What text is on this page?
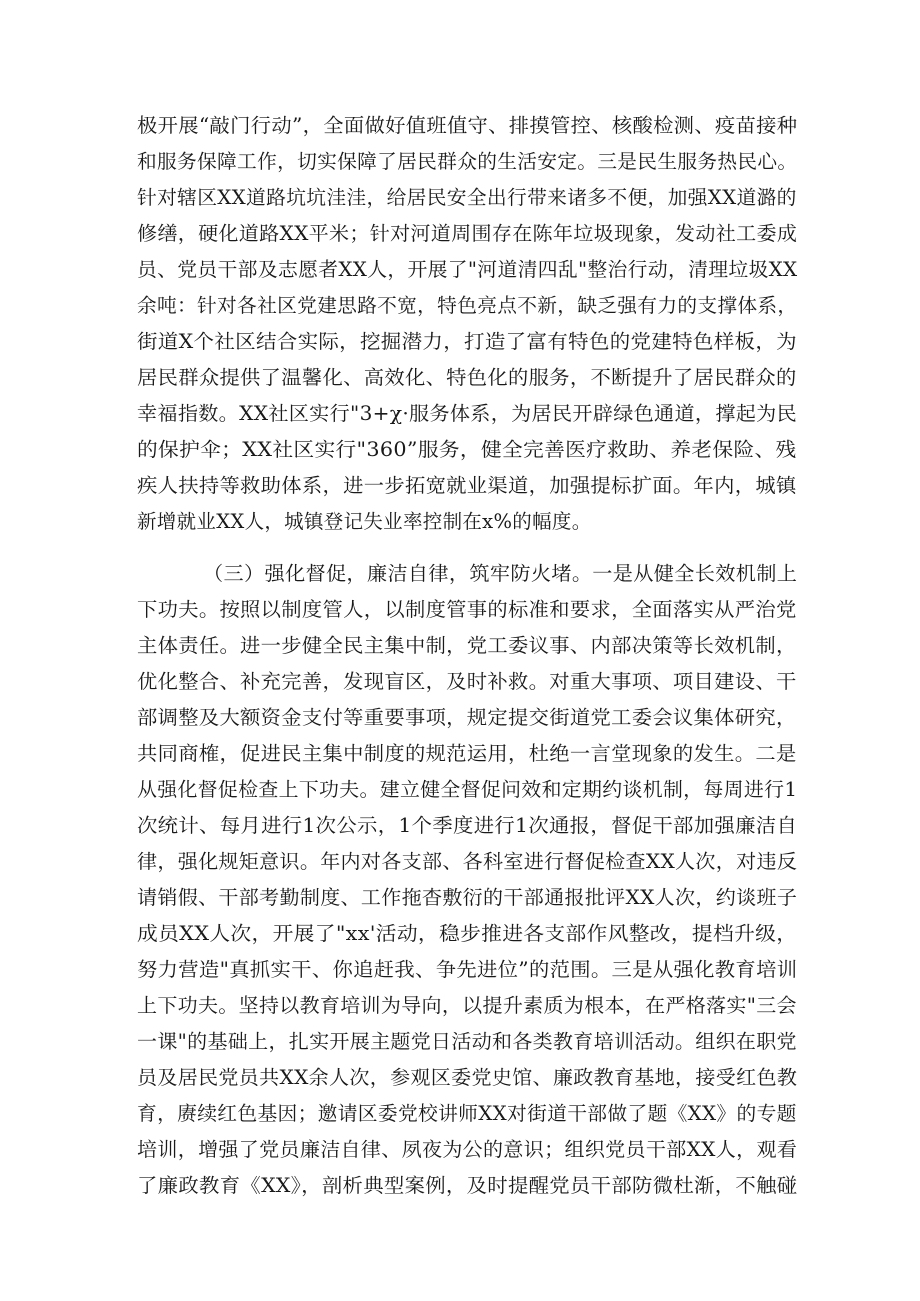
极开展“敲门行动”，全面做好值班值守、排摸管控、核酸检测、疫苗接种
和服务保障工作，切实保障了居民群众的生活安定。三是民生服务热民心。
针对辖区XX道路坑坑洼洼，给居民安全出行带来诸多不便，加强XX道潞的
修缮，硬化道路XX平米；针对河道周围存在陈年垃圾现象，发动社工委成
员、党员干部及志愿者XX人，开展了"河道清四乱"整治行动，清理垃圾XX
余吨：针对各社区党建思路不宽，特色亮点不新，缺乏强有力的支撑体系，
街道X个社区结合实际，挖掘潜力，打造了富有特色的党建特色样板，为
居民群众提供了温馨化、高效化、特色化的服务，不断提升了居民群众的
幸福指数。XX社区实行"3+χ·服务体系，为居民开辟绿色通道，撑起为民
的保护伞；XX社区实行"360”服务，健全完善医疗救助、养老保险、残
疾人扶持等救助体系，进一步拓宽就业渠道，加强提标扩面。年内，城镇
新增就业XX人，城镇登记失业率控制在x%的幅度。
（三）强化督促，廉洁自律，筑牢防火堵。一是从健全长效机制上
下功夫。按照以制度管人，以制度管事的标准和要求，全面落实从严治党
主体责任。进一步健全民主集中制，党工委议事、内部决策等长效机制，
优化整合、补充完善，发现盲区，及时补救。对重大事项、项目建设、干
部调整及大额资金支付等重要事项，规定提交街道党工委会议集体研究，
共同商榷，促进民主集中制度的规范运用，杜绝一言堂现象的发生。二是
从强化督促检查上下功夫。建立健全督促问效和定期约谈机制，每周进行1
次统计、每月进行1次公示，1个季度进行1次通报，督促干部加强廉洁自
律，强化规矩意识。年内对各支部、各科室进行督促检查XX人次，对违反
请销假、干部考勤制度、工作拖杳敷衍的干部通报批评XX人次，约谈班子
成员XX人次，开展了"xx'活动，稳步推进各支部作风整改，提档升级，
努力营造"真抓实干、你追赶我、争先进位”的范围。三是从强化教育培训
上下功夫。坚持以教育培训为导向，以提升素质为根本，在严格落实"三会
一课"的基础上，扎实开展主题党日活动和各类教育培训活动。组织在职党
员及居民党员共XX余人次，参观区委党史馆、廉政教育基地，接受红色教
育，赓续红色基因；邀请区委党校讲师XX对街道干部做了题《XX》的专题
培训，增强了党员廉洁自律、夙夜为公的意识；组织党员干部XX人，观看
了廉政教育《XX》，剖析典型案例，及时提醒党员干部防微杜渐，不触碰
